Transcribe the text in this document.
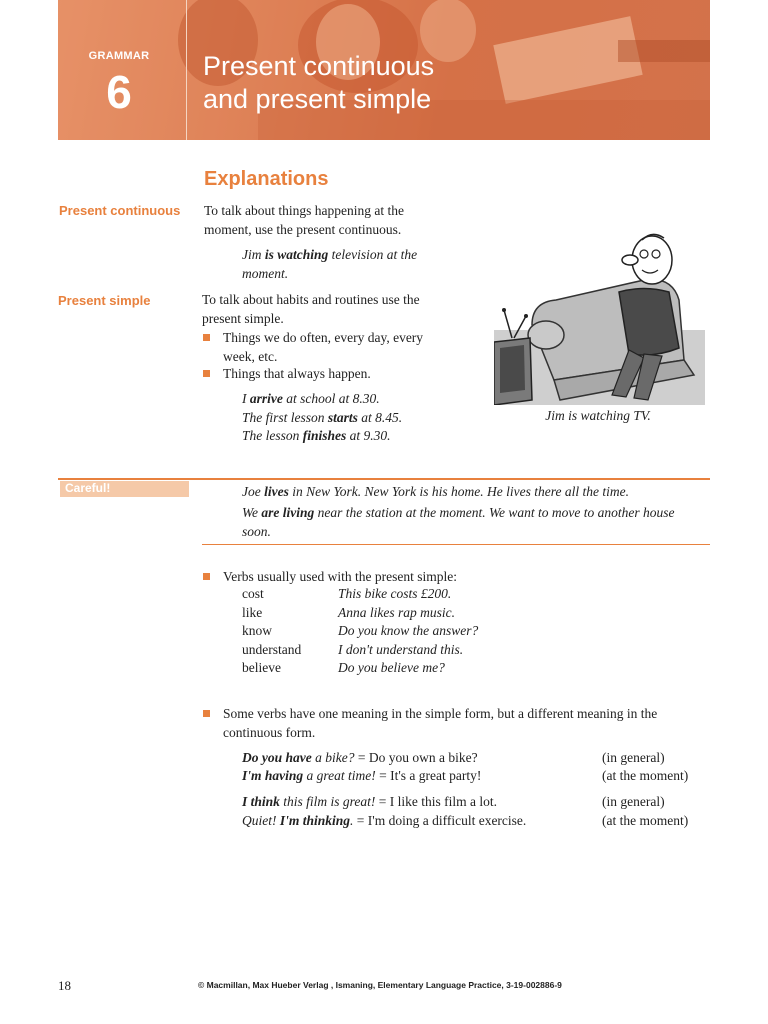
GRAMMAR
6	Present continuous
and present simple
Explanations
Present continuous To talk about things happening at the moment, use the present continuous.
Jim is watching television at the moment.
Present simple	To talk about habits and routines use the present simple.
Things we do often, every day, every week, etc.
Things that always happen.
I arrive at school at 8.30.
The first lesson starts at 8.45.
The lesson finishes at 9.30.
Jim is watching TV.
Careful!	Joe lives in New York. New York is his home. He lives there all the time.
We are living near the station at the moment. We want to move to another house soon.
Verbs usually used with the present simple:
cost	This bike costs £200.
like	Anna likes rap music.
know	Do you know the answer?
understand	I don't understand this.
believe	Do you believe me?
Some verbs have one meaning in the simple form, but a different meaning in the continuous form.
Do you have a bike? = Do you own a bike?	(in general)
I'm having a great time! = It's a great party!	(at the moment)
I think this film is great! = I like this film a lot.	(in general)
Quiet! I'm thinking. = I'm doing a difficult exercise.	(at the moment)
18	© Macmillan, Max Hueber Verlag , Ismaning, Elementary Language Practice, 3-19-002886-9
